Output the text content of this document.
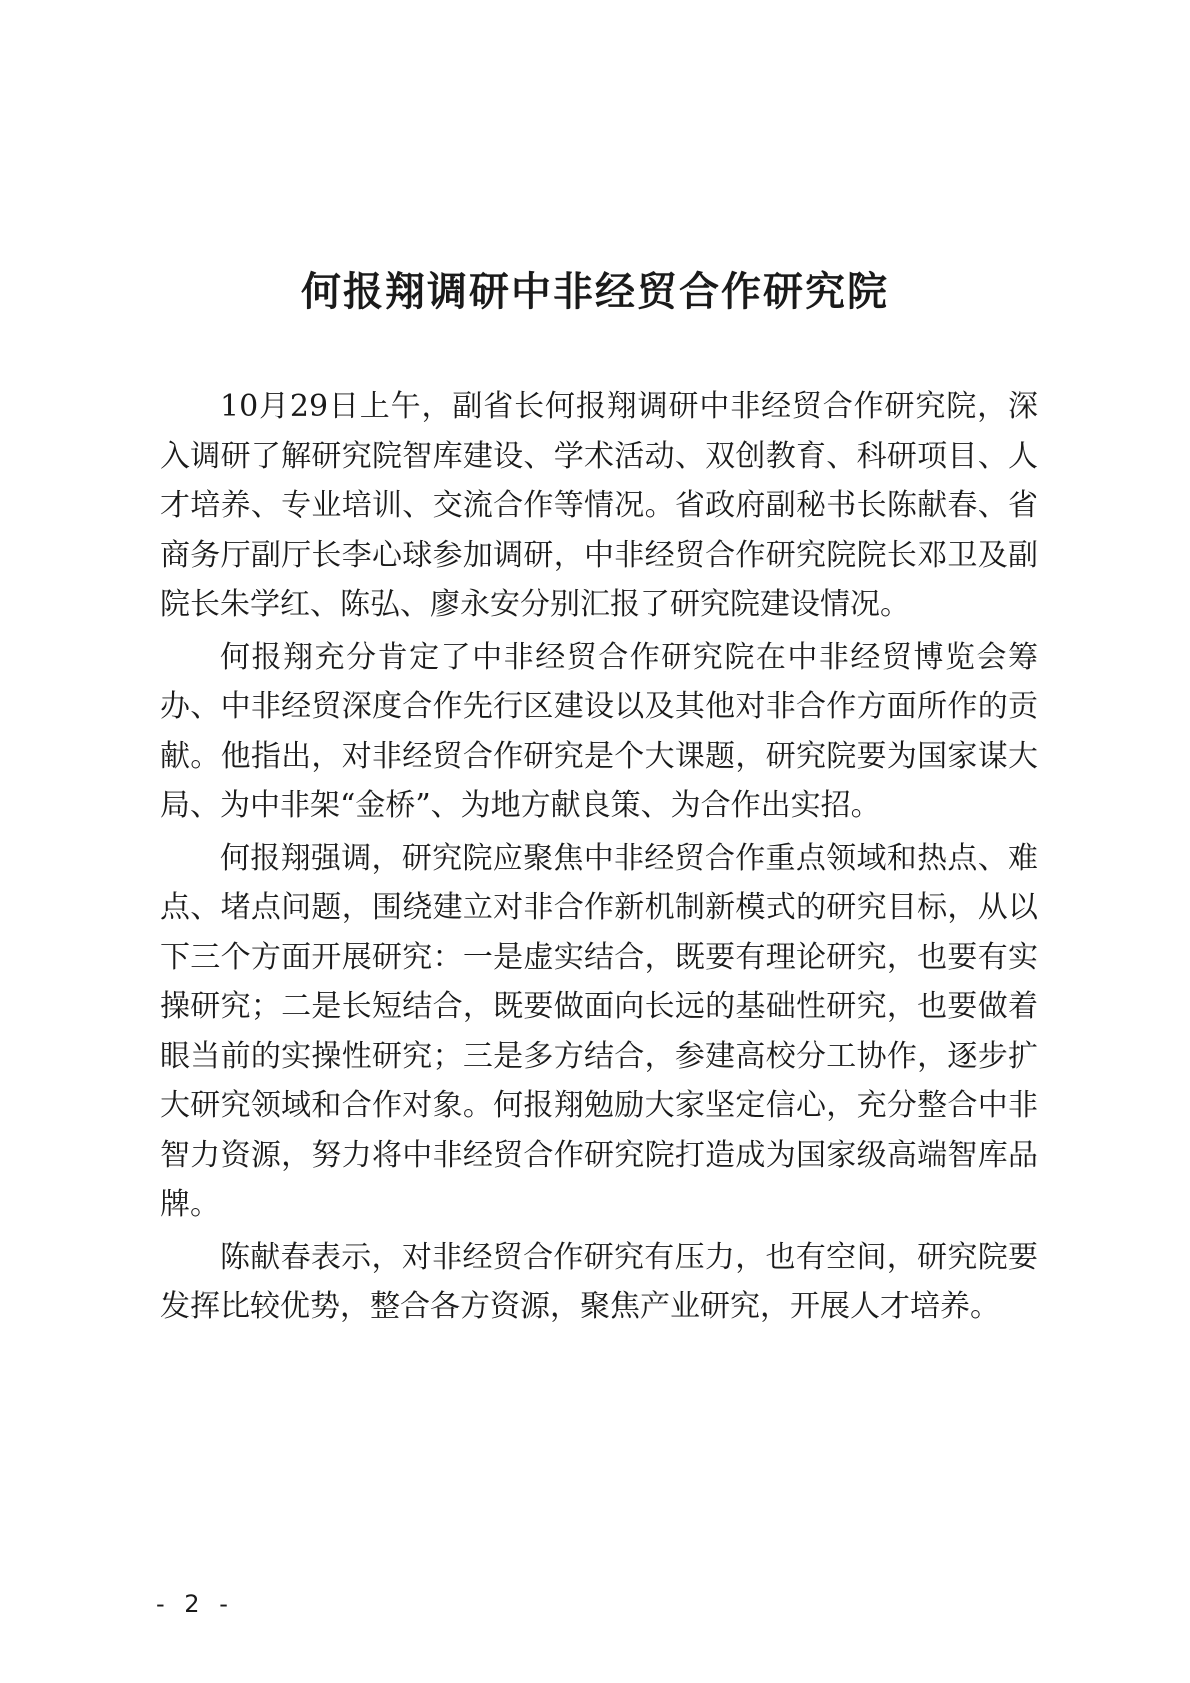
何报翔调研中非经贸合作研究院

10月29日上午，副省长何报翔调研中非经贸合作研究院，深入调研了解研究院智库建设、学术活动、双创教育、科研项目、人才培养、专业培训、交流合作等情况。省政府副秘书长陈献春、省商务厅副厅长李心球参加调研，中非经贸合作研究院院长邓卫及副院长朱学红、陈弘、廖永安分别汇报了研究院建设情况。

何报翔充分肯定了中非经贸合作研究院在中非经贸博览会筹办、中非经贸深度合作先行区建设以及其他对非合作方面所作的贡献。他指出，对非经贸合作研究是个大课题，研究院要为国家谋大局、为中非架“金桥”、为地方献良策、为合作出实招。

何报翔强调，研究院应聚焦中非经贸合作重点领域和热点、难点、堵点问题，围绕建立对非合作新机制新模式的研究目标，从以下三个方面开展研究：一是虚实结合，既要有理论研究，也要有实操研究；二是长短结合，既要做面向长远的基础性研究，也要做着眼当前的实操性研究；三是多方结合，参建高校分工协作，逐步扩大研究领域和合作对象。何报翔勉励大家坚定信心，充分整合中非智力资源，努力将中非经贸合作研究院打造成为国家级高端智库品牌。

陈献春表示，对非经贸合作研究有压力，也有空间，研究院要发挥比较优势，整合各方资源，聚焦产业研究，开展人才培养。

- 2 -
